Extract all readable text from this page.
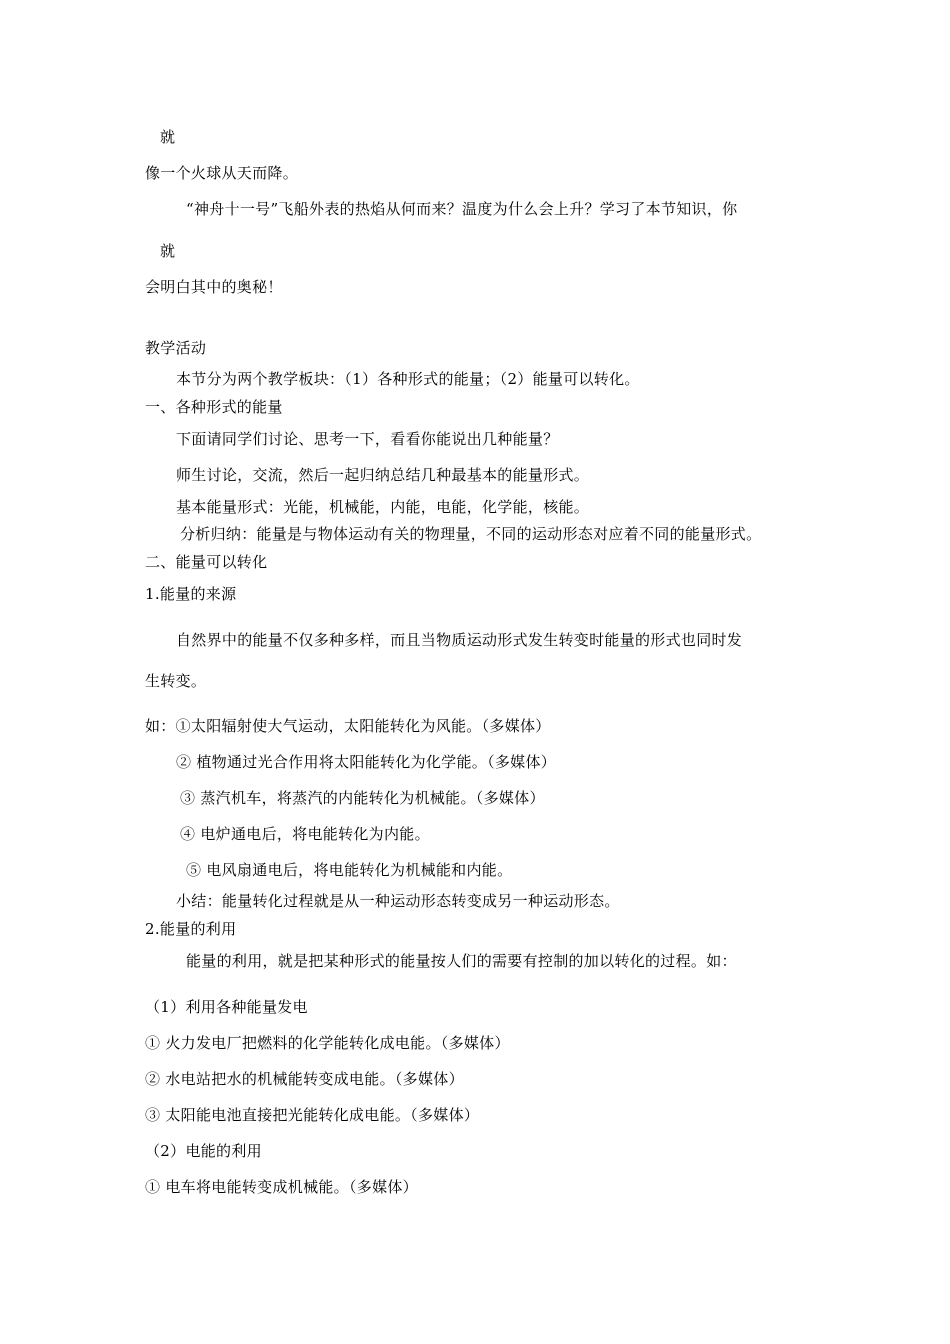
就
像一个火球从天而降。
“神舟十一号”飞船外表的热焰从何而来？温度为什么会上升？学习了本节知识，你
就
会明白其中的奥秘！
教学活动
本节分为两个教学板块：（1）各种形式的能量；（2）能量可以转化。
一、各种形式的能量
下面请同学们讨论、思考一下，看看你能说出几种能量？
师生讨论，交流，然后一起归纳总结几种最基本的能量形式。
基本能量形式：光能，机械能，内能，电能，化学能，核能。
分析归纳：能量是与物体运动有关的物理量，不同的运动形态对应着不同的能量形式。
二、能量可以转化
1.能量的来源
自然界中的能量不仅多种多样，而且当物质运动形式发生转变时能量的形式也同时发
生转变。
如：①太阳辐射使大气运动，太阳能转化为风能。（多媒体）
② 植物通过光合作用将太阳能转化为化学能。（多媒体）
③ 蒸汽机车，将蒸汽的内能转化为机械能。（多媒体）
④ 电炉通电后，将电能转化为内能。
⑤ 电风扇通电后，将电能转化为机械能和内能。
小结：能量转化过程就是从一种运动形态转变成另一种运动形态。
2.能量的利用
能量的利用，就是把某种形式的能量按人们的需要有控制的加以转化的过程。如：
（1）利用各种能量发电
① 火力发电厂把燃料的化学能转化成电能。（多媒体）
② 水电站把水的机械能转变成电能。（多媒体）
③ 太阳能电池直接把光能转化成电能。（多媒体）
（2）电能的利用
① 电车将电能转变成机械能。（多媒体）
